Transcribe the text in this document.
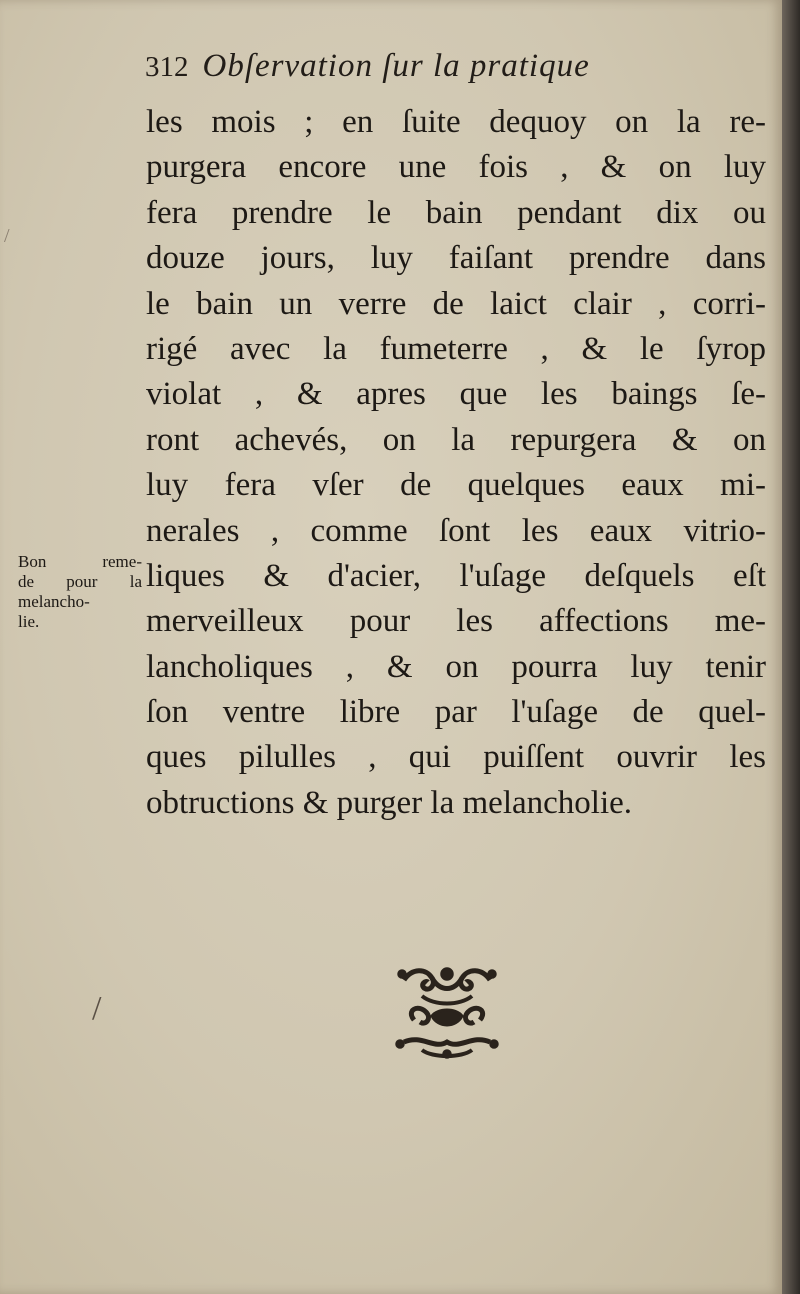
312 Obſervation ſur la pratique
Bon reme-
de pour la
melancho-
lie.
les mois ; en ſuite dequoy on la re-
purgera encore une fois , & on luy
fera prendre le bain pendant dix ou
douze jours, luy faiſant prendre dans
le bain un verre de laict clair , corri-
rigé avec la fumeterre , & le ſyrop
violat , & apres que les baings ſe-
ront achevés, on la repurgera & on
luy fera vſer de quelques eaux mi-
nerales , comme ſont les eaux vitrio-
liques & d'acier, l'uſage deſquels eſt
merveilleux pour les affections me-
lancholiques , & on pourra luy tenir
ſon ventre libre par l'uſage de quel-
ques pilulles , qui puiſſent ouvrir les
obtructions & purger la melancholie.
/
/
